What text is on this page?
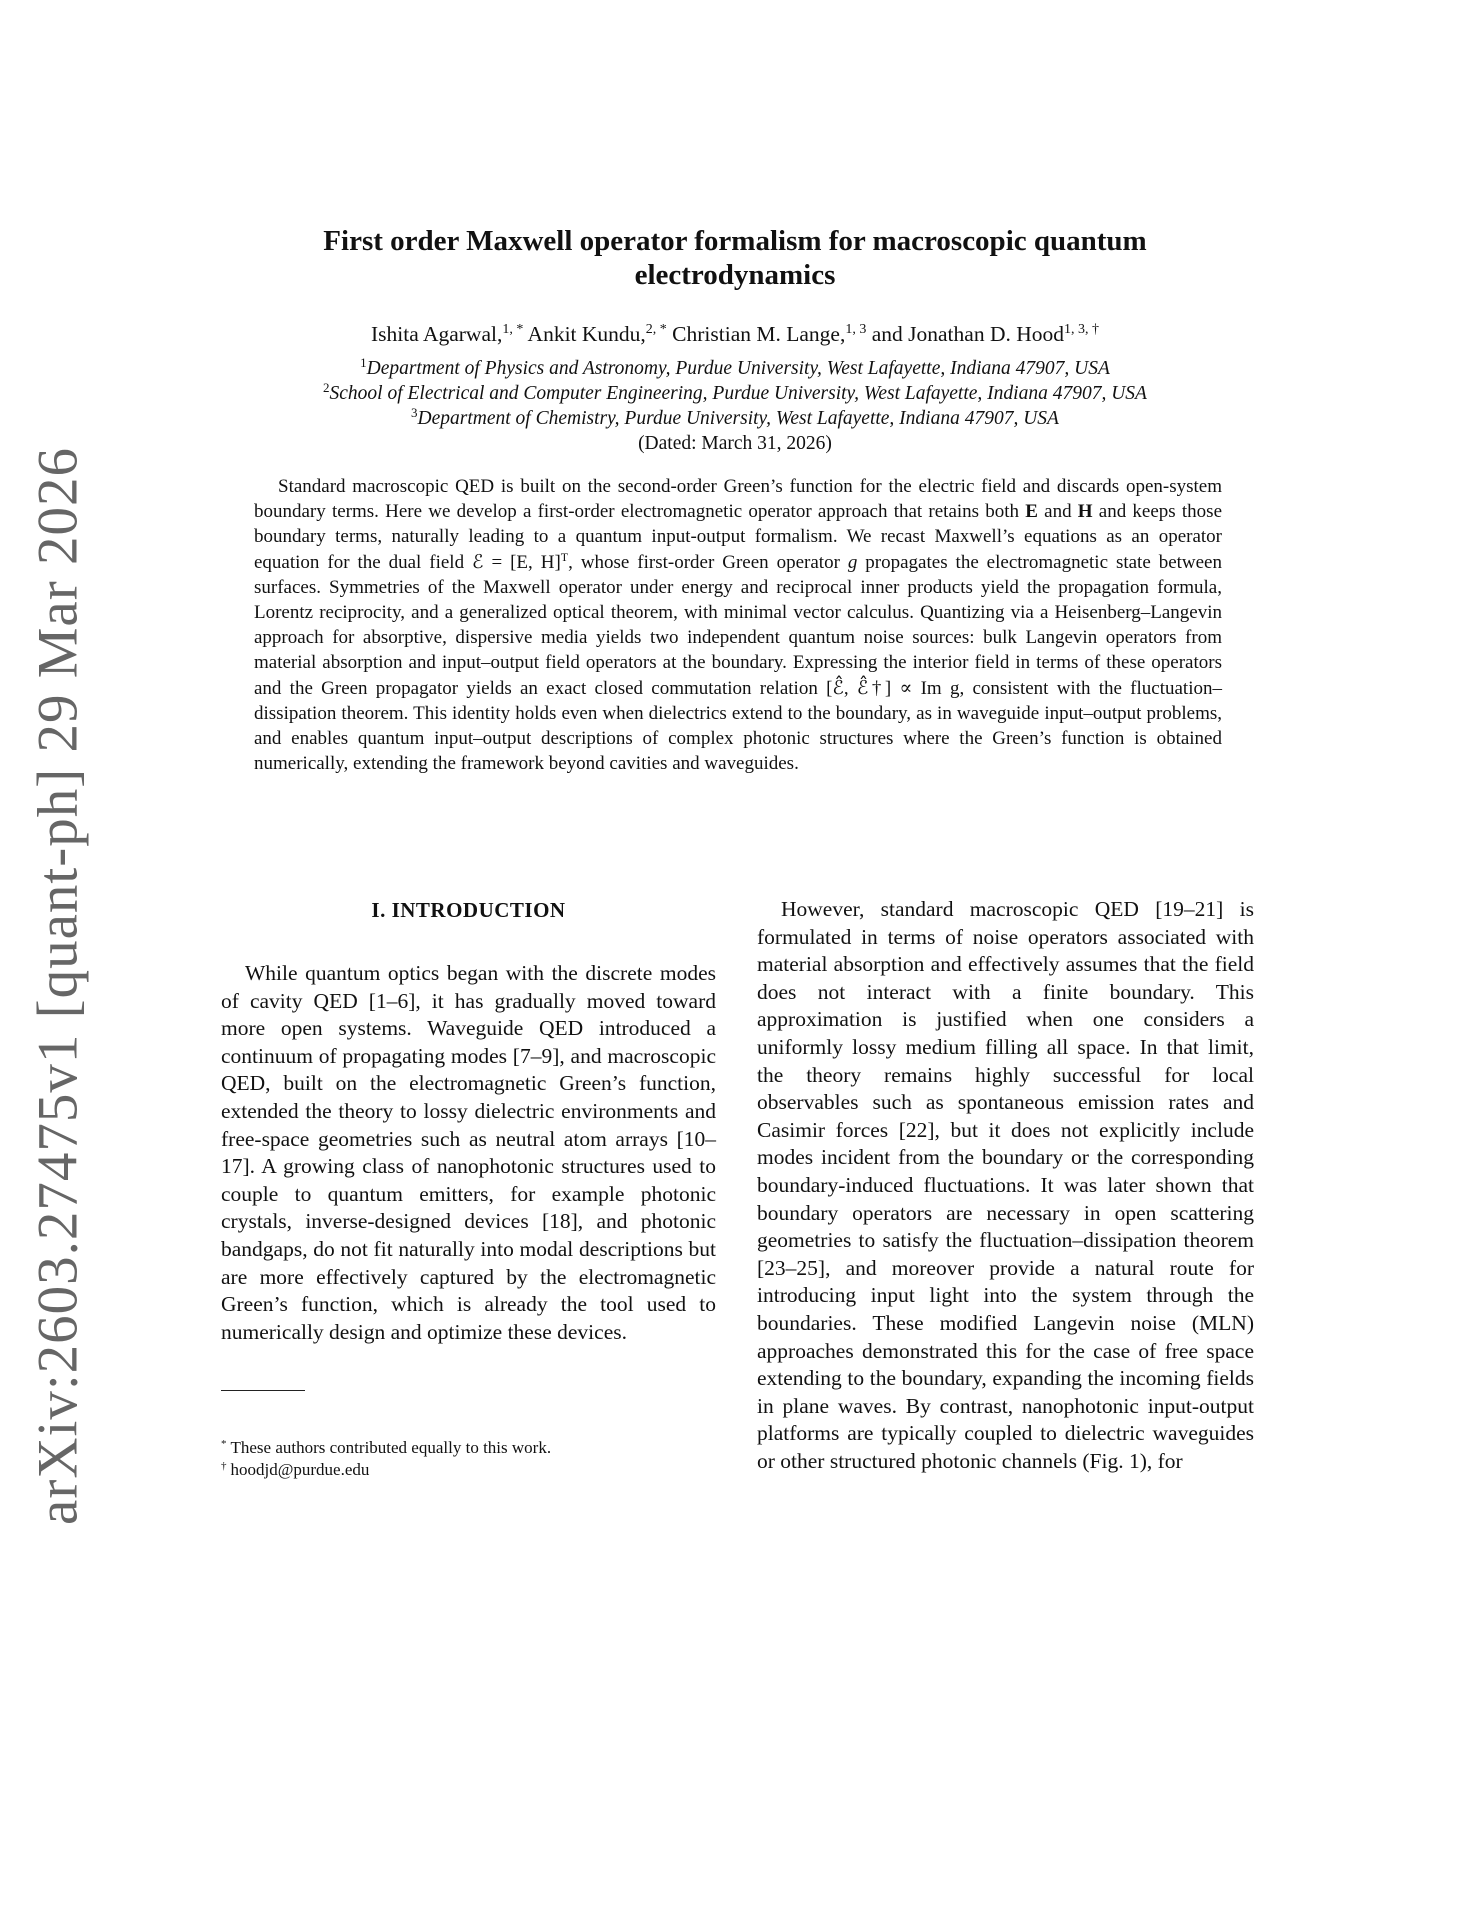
arXiv:2603.27475v1 [quant-ph] 29 Mar 2026
First order Maxwell operator formalism for macroscopic quantum electrodynamics
Ishita Agarwal,$^{1, *}$ Ankit Kundu,$^{2, *}$ Christian M. Lange,$^{1, 3}$ and Jonathan D. Hood$^{1, 3, \dagger}$
$^1$Department of Physics and Astronomy, Purdue University, West Lafayette, Indiana 47907, USA
$^2$School of Electrical and Computer Engineering, Purdue University, West Lafayette, Indiana 47907, USA
$^3$Department of Chemistry, Purdue University, West Lafayette, Indiana 47907, USA
(Dated: March 31, 2026)

Standard macroscopic QED is built on the second-order Green’s function for the electric field and discards open-system boundary terms. Here we develop a first-order electromagnetic operator approach that retains both E and H and keeps those boundary terms, naturally leading to a quantum input-output formalism. We recast Maxwell’s equations as an operator equation for the dual field ℰ = [E, H]$^T$, whose first-order Green operator g propagates the electromagnetic state between surfaces. Symmetries of the Maxwell operator under energy and reciprocal inner products yield the propagation formula, Lorentz reciprocity, and a generalized optical theorem, with minimal vector calculus. Quantizing via a Heisenberg–Langevin approach for absorptive, dispersive media yields two independent quantum noise sources: bulk Langevin operators from material absorption and input–output field operators at the boundary. Expressing the interior field in terms of these operators and the Green propagator yields an exact closed commutation relation [ℰ̂, ℰ̂†] ∝ Im g, consistent with the fluctuation–dissipation theorem. This identity holds even when dielectrics extend to the boundary, as in waveguide input–output problems, and enables quantum input–output descriptions of complex photonic structures where the Green’s function is obtained numerically, extending the framework beyond cavities and waveguides.

I. INTRODUCTION

While quantum optics began with the discrete modes of cavity QED [1–6], it has gradually moved toward more open systems. Waveguide QED introduced a continuum of propagating modes [7–9], and macroscopic QED, built on the electromagnetic Green’s function, extended the theory to lossy dielectric environments and free-space geometries such as neutral atom arrays [10–17]. A growing class of nanophotonic structures used to couple to quantum emitters, for example photonic crystals, inverse-designed devices [18], and photonic bandgaps, do not fit naturally into modal descriptions but are more effectively captured by the electromagnetic Green’s function, which is already the tool used to numerically design and optimize these devices.

* These authors contributed equally to this work.

† hoodjd@purdue.edu

However, standard macroscopic QED [19–21] is formulated in terms of noise operators associated with material absorption and effectively assumes that the field does not interact with a finite boundary. This approximation is justified when one considers a uniformly lossy medium filling all space. In that limit, the theory remains highly successful for local observables such as spontaneous emission rates and Casimir forces [22], but it does not explicitly include modes incident from the boundary or the corresponding boundary-induced fluctuations. It was later shown that boundary operators are necessary in open scattering geometries to satisfy the fluctuation–dissipation theorem [23–25], and moreover provide a natural route for introducing input light into the system through the boundaries. These modified Langevin noise (MLN) approaches demonstrated this for the case of free space extending to the boundary, expanding the incoming fields in plane waves. By contrast, nanophotonic input-output platforms are typically coupled to dielectric waveguides or other structured photonic channels (Fig. 1), for
